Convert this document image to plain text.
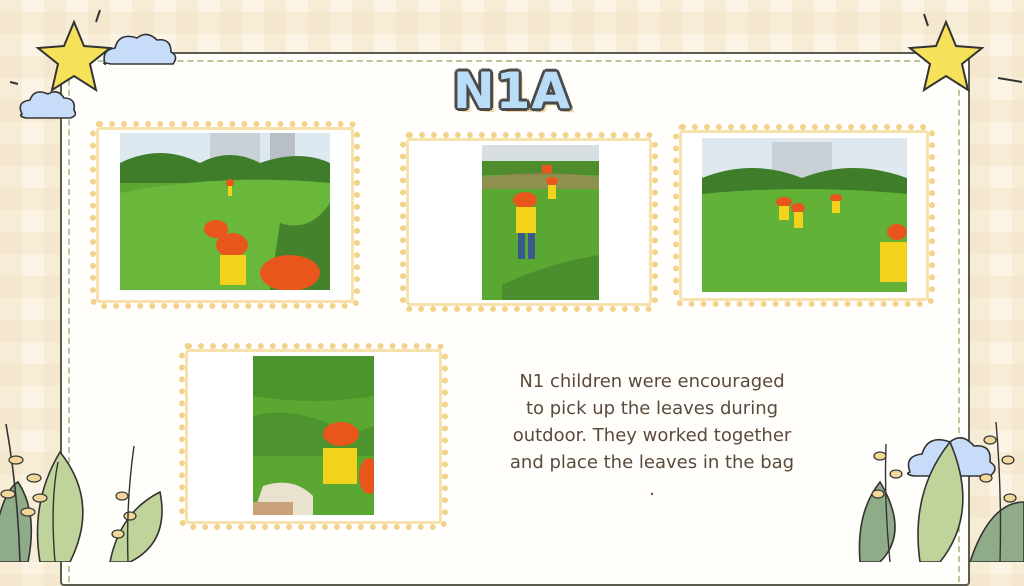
N1A
N1 children were encouraged
to pick up the leaves during
outdoor. They worked together
and place the leaves in the bag
.
